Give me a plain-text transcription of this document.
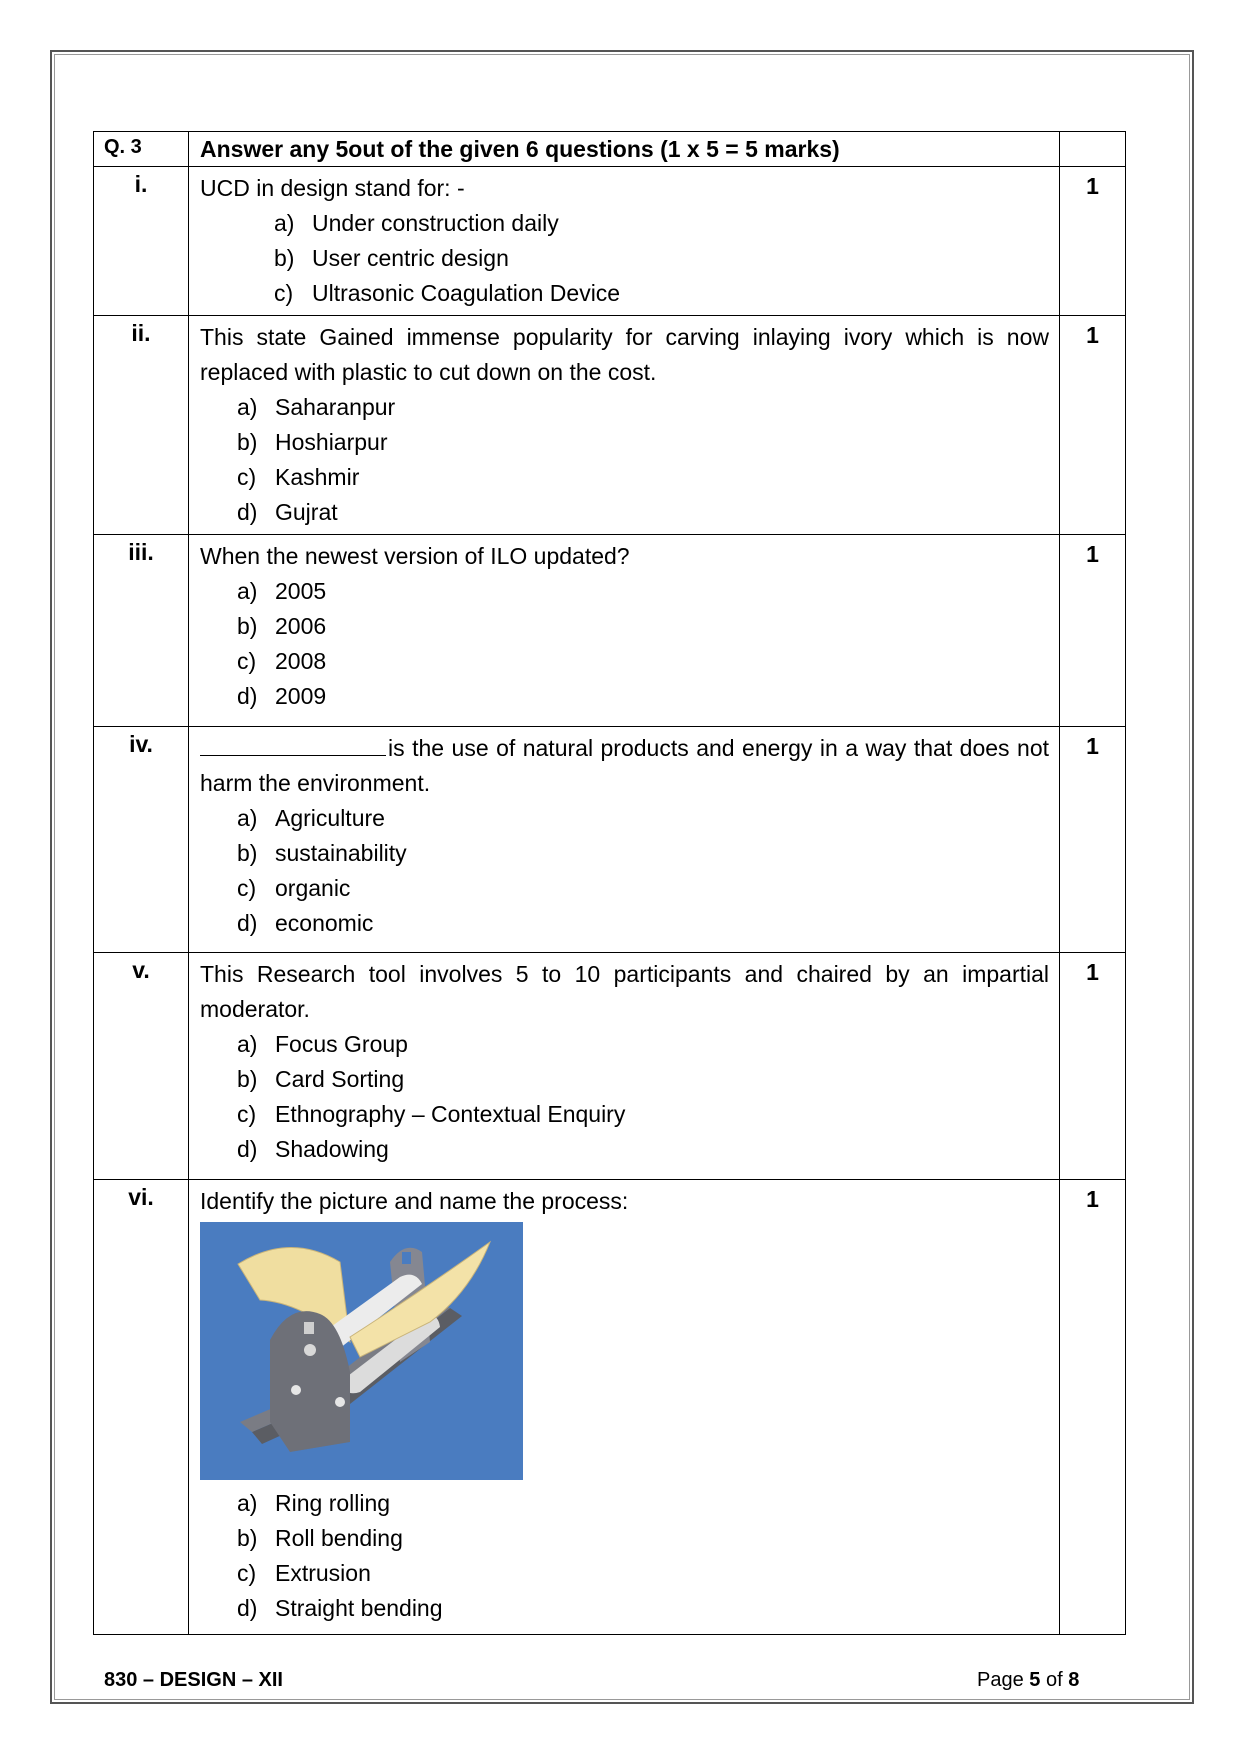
Q. 3	Answer any 5out of the given 6 questions (1 x 5 = 5 marks)	
i.	UCD in design stand for: -
a) Under construction daily
b) User centric design
c) Ultrasonic Coagulation Device	1
ii.	This state Gained immense popularity for carving inlaying ivory which is now replaced with plastic to cut down on the cost.
a) Saharanpur
b) Hoshiarpur
c) Kashmir
d) Gujrat	1
iii.	When the newest version of ILO updated?
a) 2005
b) 2006
c) 2008
d) 2009	1
iv.	is the use of natural products and energy in a way that does not harm the environment.
a) Agriculture
b) sustainability
c) organic
d) economic	1
v.	This Research tool involves 5 to 10 participants and chaired by an impartial moderator.
a) Focus Group
b) Card Sorting
c) Ethnography – Contextual Enquiry
d) Shadowing	1
vi.	Identify the picture and name the process:
a) Ring rolling
b) Roll bending
c) Extrusion
d) Straight bending	1
830 – DESIGN – XII	Page 5 of 8
